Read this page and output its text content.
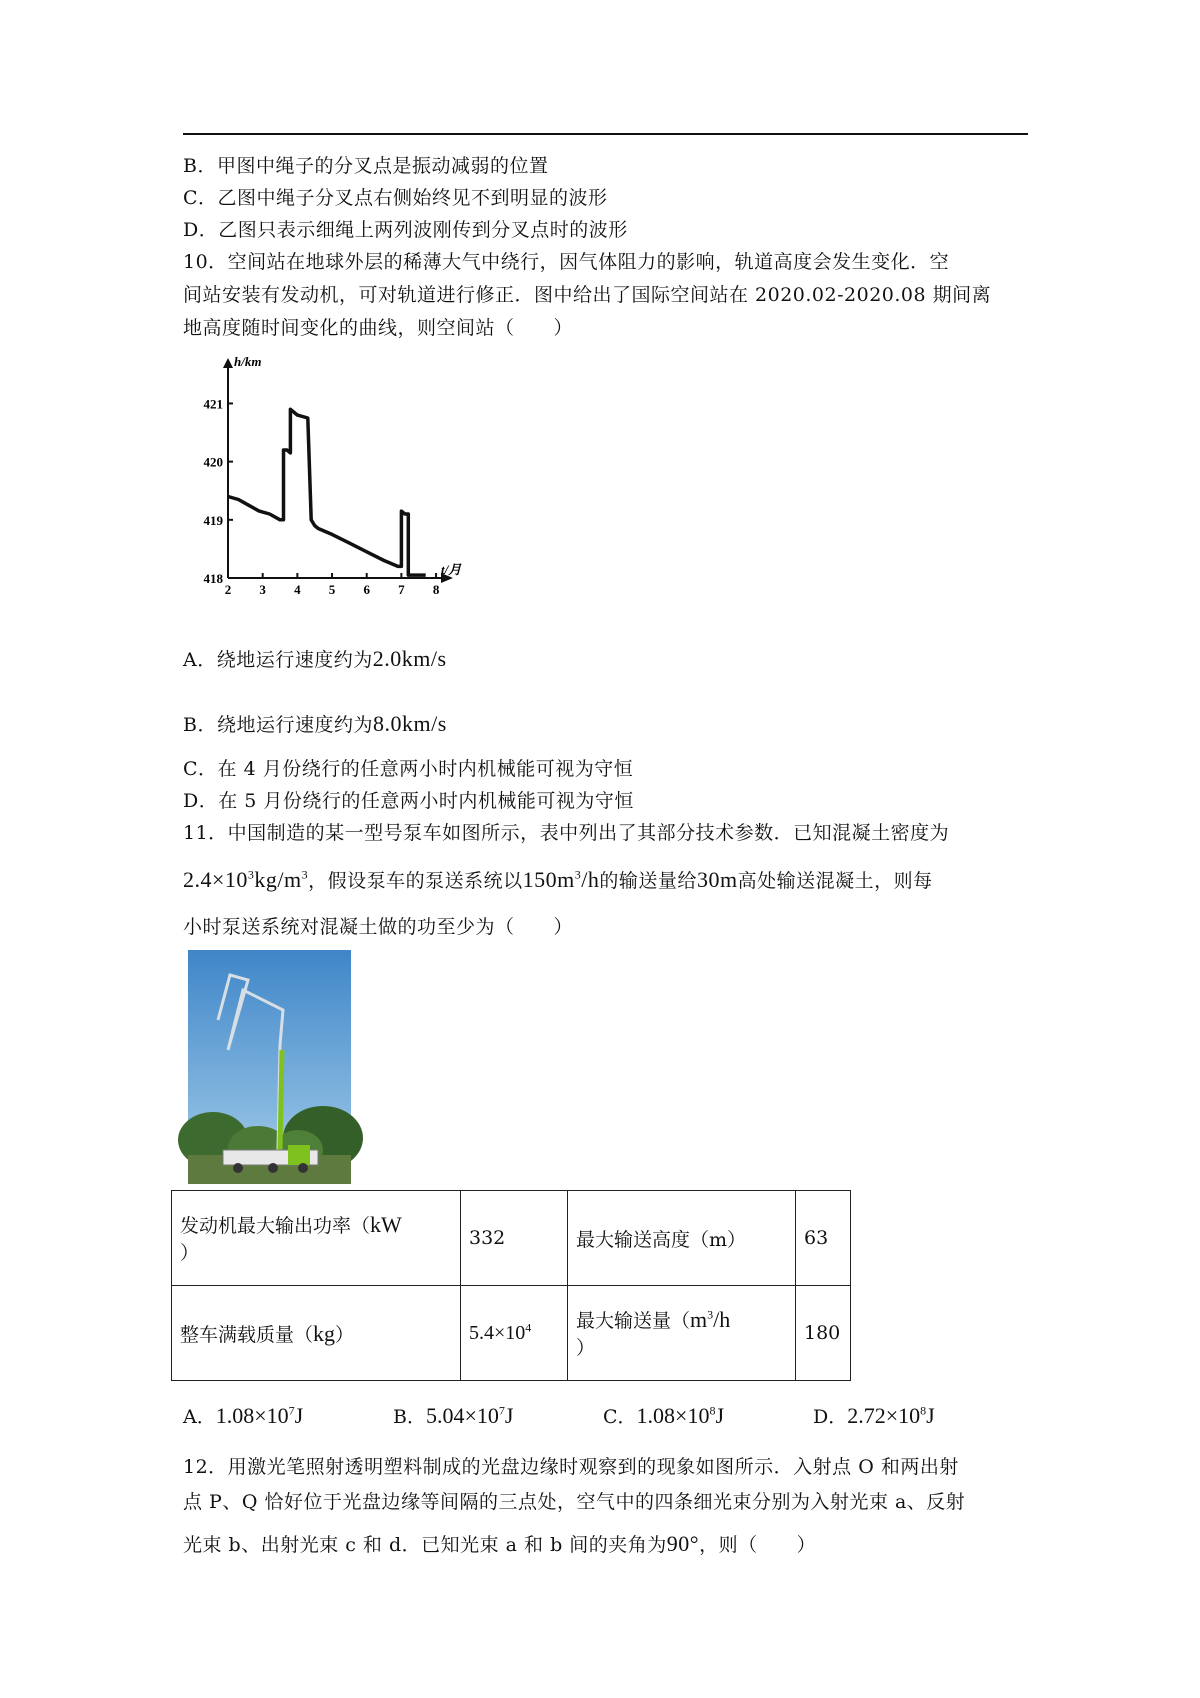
B．甲图中绳子的分叉点是振动减弱的位置
C．乙图中绳子分叉点右侧始终见不到明显的波形
D．乙图只表示细绳上两列波刚传到分叉点时的波形
10．空间站在地球外层的稀薄大气中绕行，因气体阻力的影响，轨道高度会发生变化．空
间站安装有发动机，可对轨道进行修正．图中给出了国际空间站在 2020.02-2020.08 期间离
地高度随时间变化的曲线，则空间站（　　）
h/km
t/月
418
419
420
421
2 3 4 5 6 7 8
A．绕地运行速度约为2.0km/s
B．绕地运行速度约为8.0km/s
C．在 4 月份绕行的任意两小时内机械能可视为守恒
D．在 5 月份绕行的任意两小时内机械能可视为守恒
11．中国制造的某一型号泵车如图所示，表中列出了其部分技术参数．已知混凝土密度为
$2.4\times 10^3kg/m^3$，假设泵车的泵送系统以$150m^3/h$的输送量给30m高处输送混凝土，则每
小时泵送系统对混凝土做的功至少为（　　）
发动机最大输出功率（kW
）	332	最大输送高度（m）	63
整车满载质量（kg）	$5.4\times 10^4$	最大输送量（$m^3/h$
）	180
A．$1.08\times 10^7J$	B．$5.04\times 10^7J$	C．$1.08\times 10^8J$	D．$2.72\times 10^8J$
12．用激光笔照射透明塑料制成的光盘边缘时观察到的现象如图所示．入射点 O 和两出射
点 P、Q 恰好位于光盘边缘等间隔的三点处，空气中的四条细光束分别为入射光束 a、反射
光束 b、出射光束 c 和 d．已知光束 a 和 b 间的夹角为90°，则（　　）
